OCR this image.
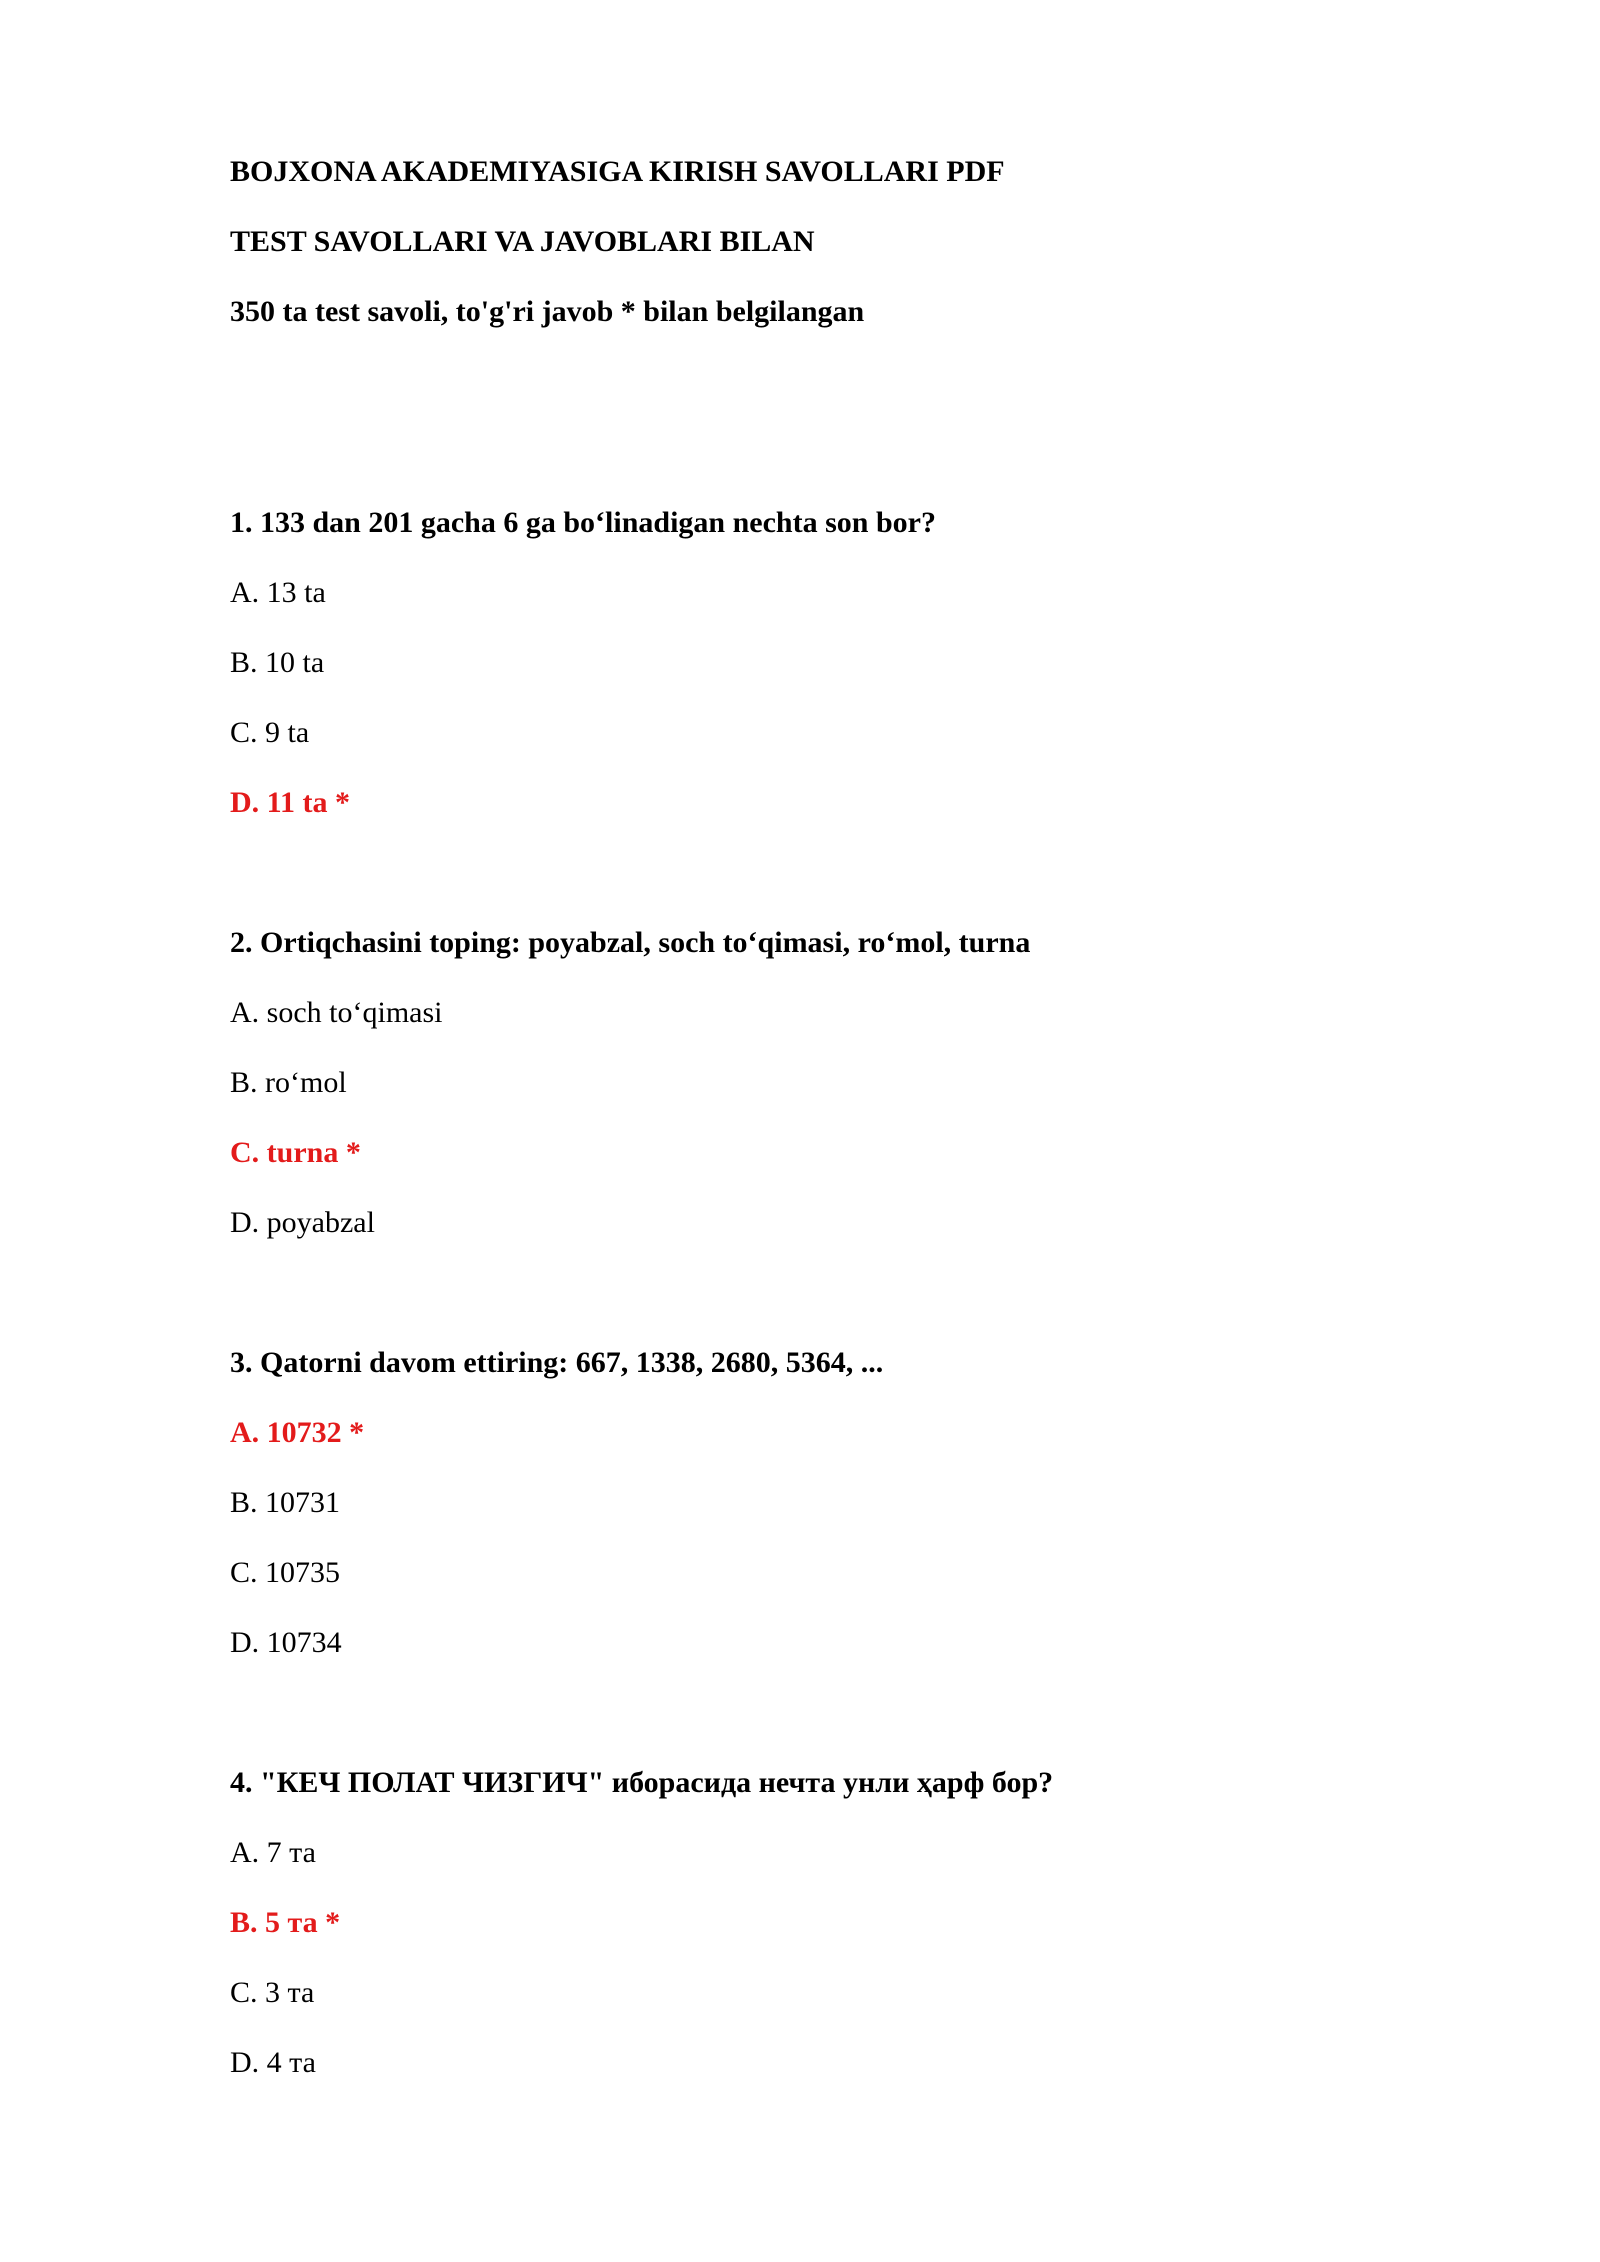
BOJXONA AKADEMIYASIGA KIRISH SAVOLLARI PDF
TEST SAVOLLARI VA JAVOBLARI BILAN
350 ta test savoli, to'g'ri javob * bilan belgilangan
1. 133 dan 201 gacha 6 ga bo‘linadigan nechta son bor?
A. 13 ta
B. 10 ta
C. 9 ta
D. 11 ta *
2. Ortiqchasini toping: poyabzal, soch to‘qimasi, ro‘mol, turna
A. soch to‘qimasi
B. ro‘mol
C. turna *
D. poyabzal
3. Qatorni davom ettiring: 667, 1338, 2680, 5364, ...
A. 10732 *
B. 10731
C. 10735
D. 10734
4. "КЕЧ ПОЛАТ ЧИЗГИЧ" иборасида нечта унли ҳарф бор?
A. 7 та
B. 5 та *
C. 3 та
D. 4 та
